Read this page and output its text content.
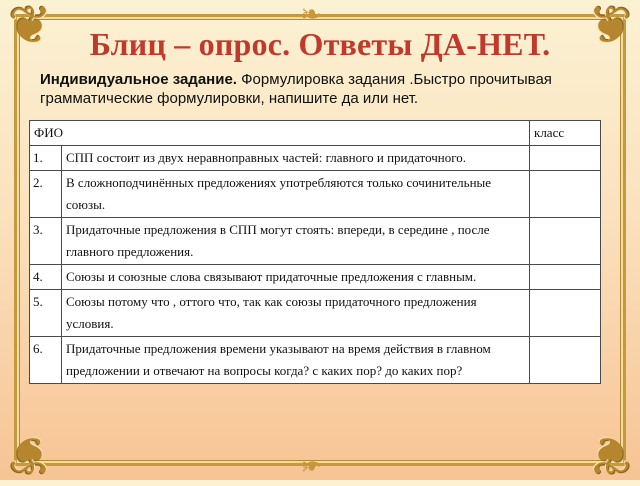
❦	❦
❦	❦
❧
❧
Блиц – опрос. Ответы ДА-НЕТ.
Индивидуальное задание. Формулировка задания .Быстро прочитывая грамматические формулировки, напишите да или нет.
ФИО		класс
1.	СПП состоит из двух неравноправных частей: главного и придаточного.	
2.	В сложноподчинённых предложениях употребляются только сочинительные союзы.	
3.	Придаточные предложения в СПП могут стоять: впереди, в середине , после главного предложения.	
4.	Союзы и союзные слова связывают придаточные предложения с главным.	
5.	Союзы потому что , оттого что, так как союзы придаточного предложения условия.	
6.	Придаточные предложения времени указывают на время действия в главном предложении и отвечают на вопросы когда? с каких пор? до каких пор?	
